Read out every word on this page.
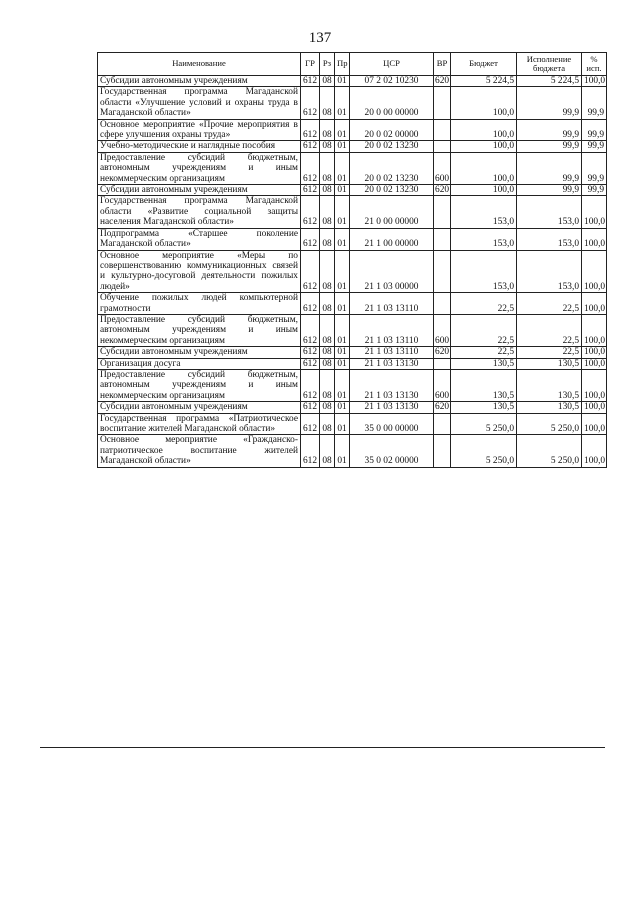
137
Наименование	ГР	Рз	Пр	ЦСР	ВР	Бюджет	Исполнение бюджета	% исп.
Субсидии автономным учреждениям	612	08	01	07 2 02 10230	620	5 224,5	5 224,5	100,0
Государственная программа Магаданской области «Улучшение условий и охраны труда в Магаданской области»	612	08	01	20 0 00 00000		100,0	99,9	99,9
Основное мероприятие «Прочие мероприятия в сфере улучшения охраны труда»	612	08	01	20 0 02 00000		100,0	99,9	99,9
Учебно-методические и наглядные пособия	612	08	01	20 0 02 13230		100,0	99,9	99,9
Предоставление субсидий бюджетным, автономным учреждениям и иным некоммерческим организациям	612	08	01	20 0 02 13230	600	100,0	99,9	99,9
Субсидии автономным учреждениям	612	08	01	20 0 02 13230	620	100,0	99,9	99,9
Государственная программа Магаданской области «Развитие социальной защиты населения Магаданской области»	612	08	01	21 0 00 00000		153,0	153,0	100,0
Подпрограмма «Старшее поколение Магаданской области»	612	08	01	21 1 00 00000		153,0	153,0	100,0
Основное мероприятие «Меры по совершенствованию коммуникационных связей и культурно-досуговой деятельности пожилых людей»	612	08	01	21 1 03 00000		153,0	153,0	100,0
Обучение пожилых людей компьютерной грамотности	612	08	01	21 1 03 13110		22,5	22,5	100,0
Предоставление субсидий бюджетным, автономным учреждениям и иным некоммерческим организациям	612	08	01	21 1 03 13110	600	22,5	22,5	100,0
Субсидии автономным учреждениям	612	08	01	21 1 03 13110	620	22,5	22,5	100,0
Организация досуга	612	08	01	21 1 03 13130		130,5	130,5	100,0
Предоставление субсидий бюджетным, автономным учреждениям и иным некоммерческим организациям	612	08	01	21 1 03 13130	600	130,5	130,5	100,0
Субсидии автономным учреждениям	612	08	01	21 1 03 13130	620	130,5	130,5	100,0
Государственная программа «Патриотическое воспитание жителей Магаданской области»	612	08	01	35 0 00 00000		5 250,0	5 250,0	100,0
Основное мероприятие «Гражданско-патриотическое воспитание жителей Магаданской области»	612	08	01	35 0 02 00000		5 250,0	5 250,0	100,0
